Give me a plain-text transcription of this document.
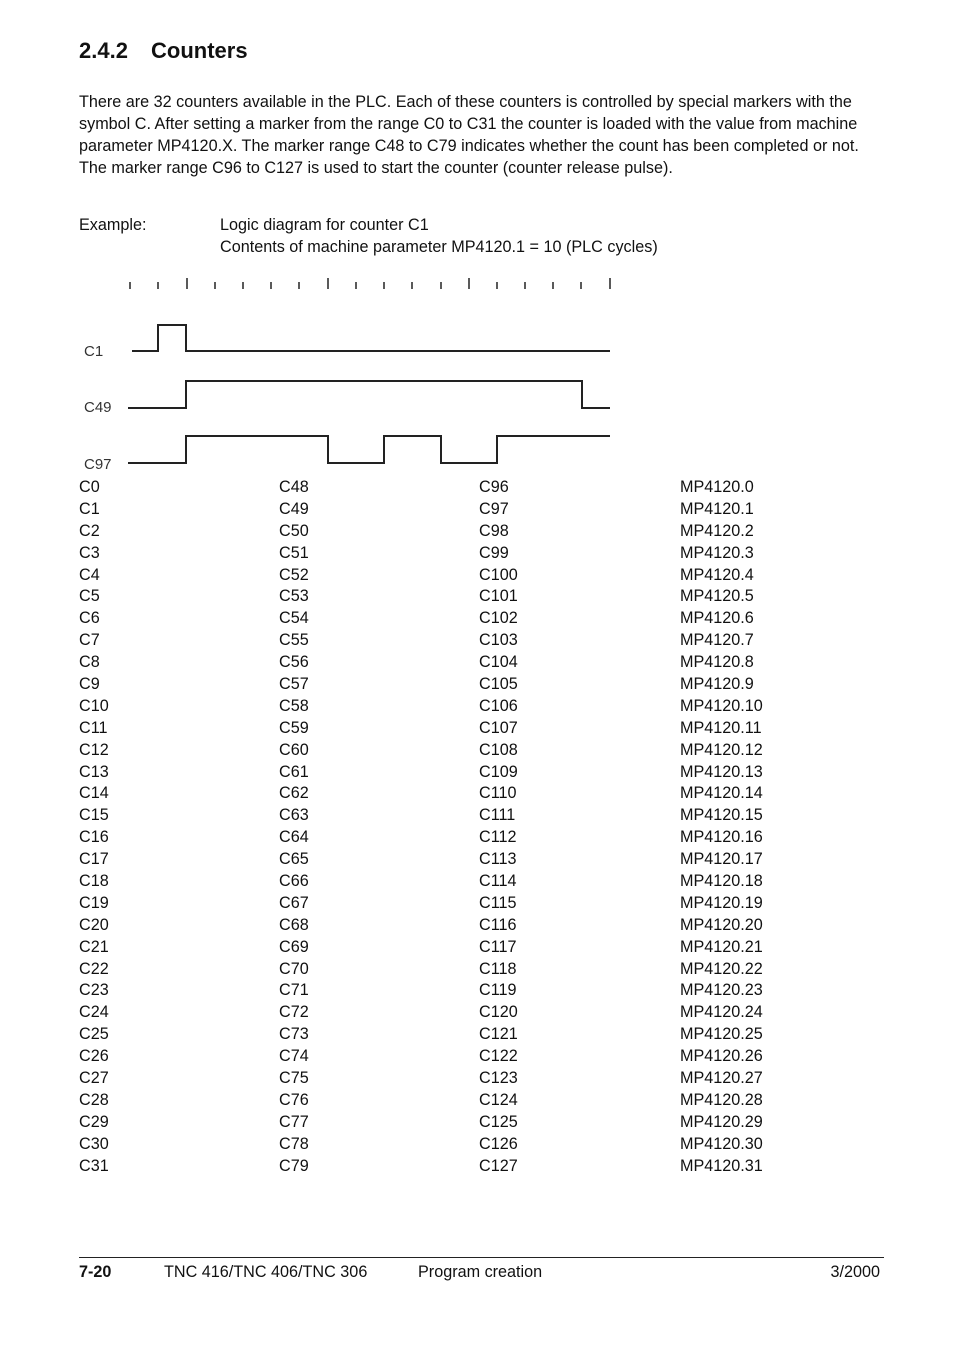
2.4.2 Counters

There are 32 counters available in the PLC. Each of these counters is controlled by special markers with the symbol C. After setting a marker from the range C0 to C31 the counter is loaded with the value from machine parameter MP4120.X. The marker range C48 to C79 indicates whether the count has been completed or not. The marker range C96 to C127 is used to start the counter (counter release pulse).

Example:	Logic diagram for counter C1
Contents of machine parameter MP4120.1 = 10 (PLC cycles)
C1
C49
C97
C0	C48	C96	MP4120.0
C1	C49	C97	MP4120.1
C2	C50	C98	MP4120.2
C3	C51	C99	MP4120.3
C4	C52	C100	MP4120.4
C5	C53	C101	MP4120.5
C6	C54	C102	MP4120.6
C7	C55	C103	MP4120.7
C8	C56	C104	MP4120.8
C9	C57	C105	MP4120.9
C10	C58	C106	MP4120.10
C11	C59	C107	MP4120.11
C12	C60	C108	MP4120.12
C13	C61	C109	MP4120.13
C14	C62	C110	MP4120.14
C15	C63	C111	MP4120.15
C16	C64	C112	MP4120.16
C17	C65	C113	MP4120.17
C18	C66	C114	MP4120.18
C19	C67	C115	MP4120.19
C20	C68	C116	MP4120.20
C21	C69	C117	MP4120.21
C22	C70	C118	MP4120.22
C23	C71	C119	MP4120.23
C24	C72	C120	MP4120.24
C25	C73	C121	MP4120.25
C26	C74	C122	MP4120.26
C27	C75	C123	MP4120.27
C28	C76	C124	MP4120.28
C29	C77	C125	MP4120.29
C30	C78	C126	MP4120.30
C31	C79	C127	MP4120.31
7-20	TNC 416/TNC 406/TNC 306	Program creation	3/2000
